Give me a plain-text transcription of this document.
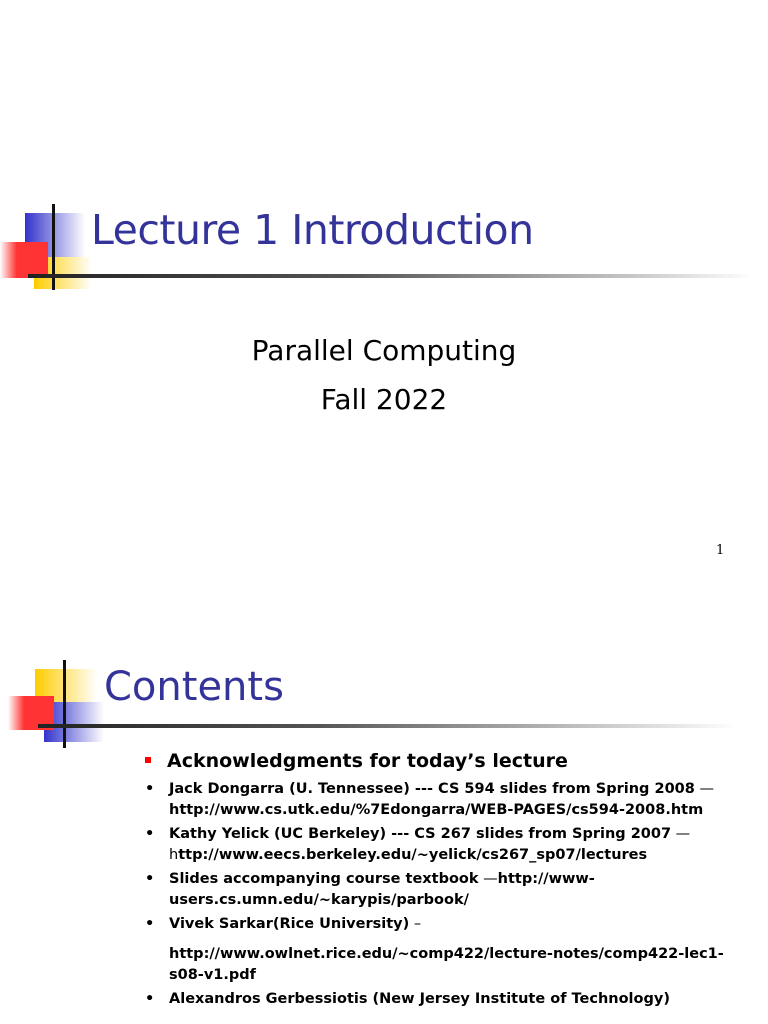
Lecture 1 Introduction
Parallel Computing
Fall 2022
1
Contents
Acknowledgments for today’s lecture
• Jack Dongarra (U. Tennessee) --- CS 594 slides from Spring 2008 — http://www.cs.utk.edu/%7Edongarra/WEB-PAGES/cs594-2008.htm
• Kathy Yelick (UC Berkeley) --- CS 267 slides from Spring 2007 — http://www.eecs.berkeley.edu/~yelick/cs267_sp07/lectures
• Slides accompanying course textbook —http://www-users.cs.umn.edu/~karypis/parbook/
• Vivek Sarkar(Rice University) –
http://www.owlnet.rice.edu/~comp422/lecture-notes/comp422-lec1-s08-v1.pdf
• Alexandros Gerbessiotis (New Jersey Institute of Technology)
